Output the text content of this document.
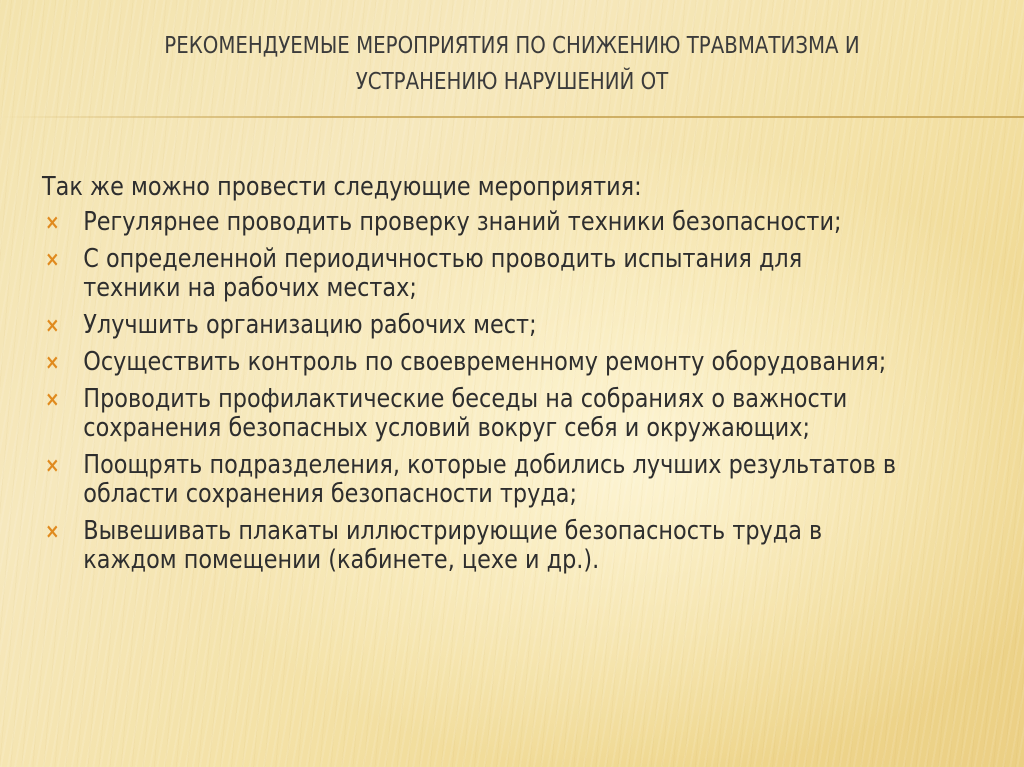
РЕКОМЕНДУЕМЫЕ МЕРОПРИЯТИЯ ПО СНИЖЕНИЮ ТРАВМАТИЗМА И
УСТРАНЕНИЮ НАРУШЕНИЙ ОТ
Так же можно провести следующие мероприятия:
× Регулярнее проводить проверку знаний техники безопасности;
× С определенной периодичностью проводить испытания для
техники на рабочих местах;
× Улучшить организацию рабочих мест;
× Осуществить контроль по своевременному ремонту оборудования;
× Проводить профилактические беседы на собраниях о важности
сохранения безопасных условий вокруг себя и окружающих;
× Поощрять подразделения, которые добились лучших результатов в
области сохранения безопасности труда;
× Вывешивать плакаты иллюстрирующие безопасность труда в
каждом помещении (кабинете, цехе и др.).
